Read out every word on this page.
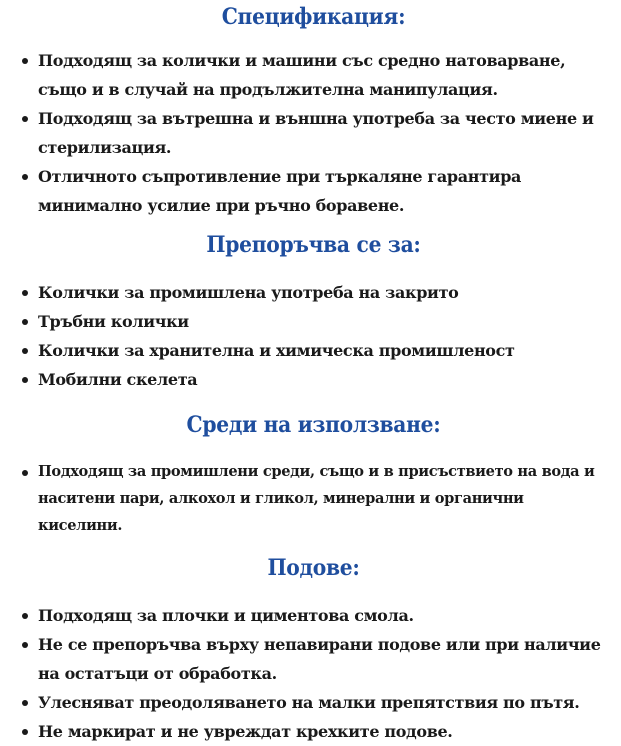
Спецификация:
Подходящ за колички и машини със средно натоварване, също и в случай на продължителна манипулация.
Подходящ за вътрешна и външна употреба за често миене и стерилизация.
Отличното съпротивление при търкаляне гарантира минимално усилие при ръчно боравене.
Препоръчва се за:
Колички за промишлена употреба на закрито
Тръбни колички
Колички за хранителна и химическа промишленост
Мобилни скелета
Среди на използване:
Подходящ за промишлени среди, също и в присъствието на вода и наситени пари, алкохол и гликол, минерални и органични киселини.
Подове:
Подходящ за плочки и циментова смола.
Не се препоръчва върху непавирани подове или при наличие на остатъци от обработка.
Улесняват преодоляването на малки препятствия по пътя.
Не маркират и не увреждат крехките подове.
